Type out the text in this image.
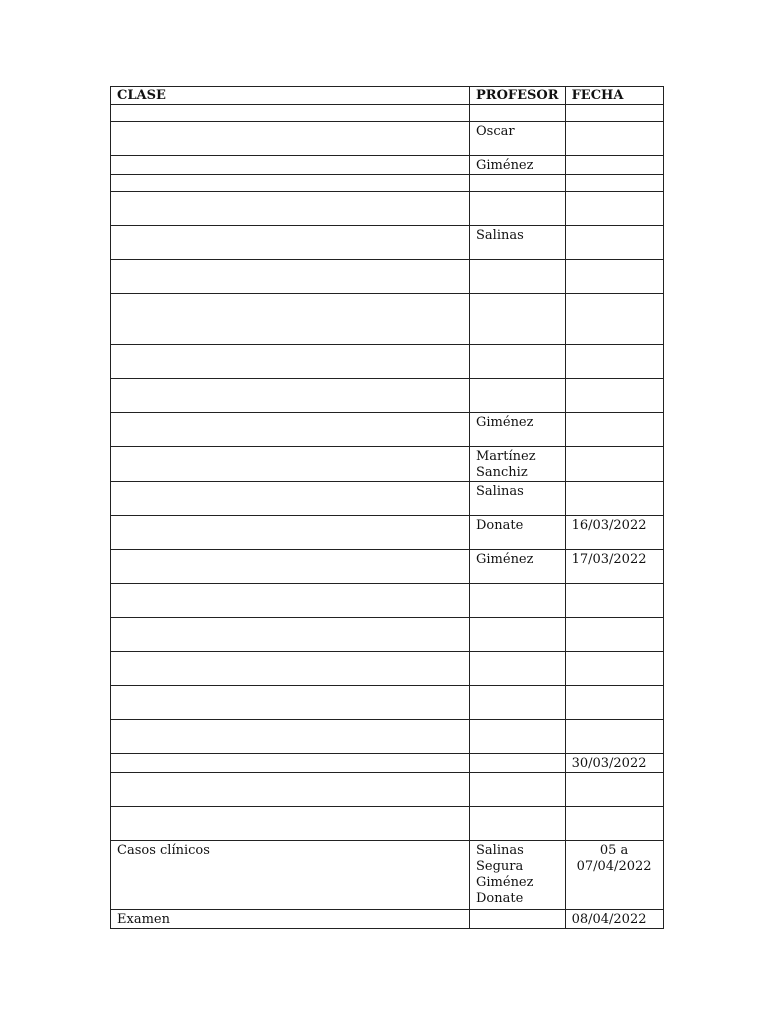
CLASE	PROFESOR	FECHA

	Oscar	

	Giménez	

	Salinas	

	Giménez	

	Martínez
Sanchiz	

	Salinas	

	Donate	16/03/2022

	Giménez	17/03/2022

		30/03/2022

Casos clínicos	Salinas
Segura
Giménez
Donate	05 a
07/04/2022

Examen		08/04/2022
